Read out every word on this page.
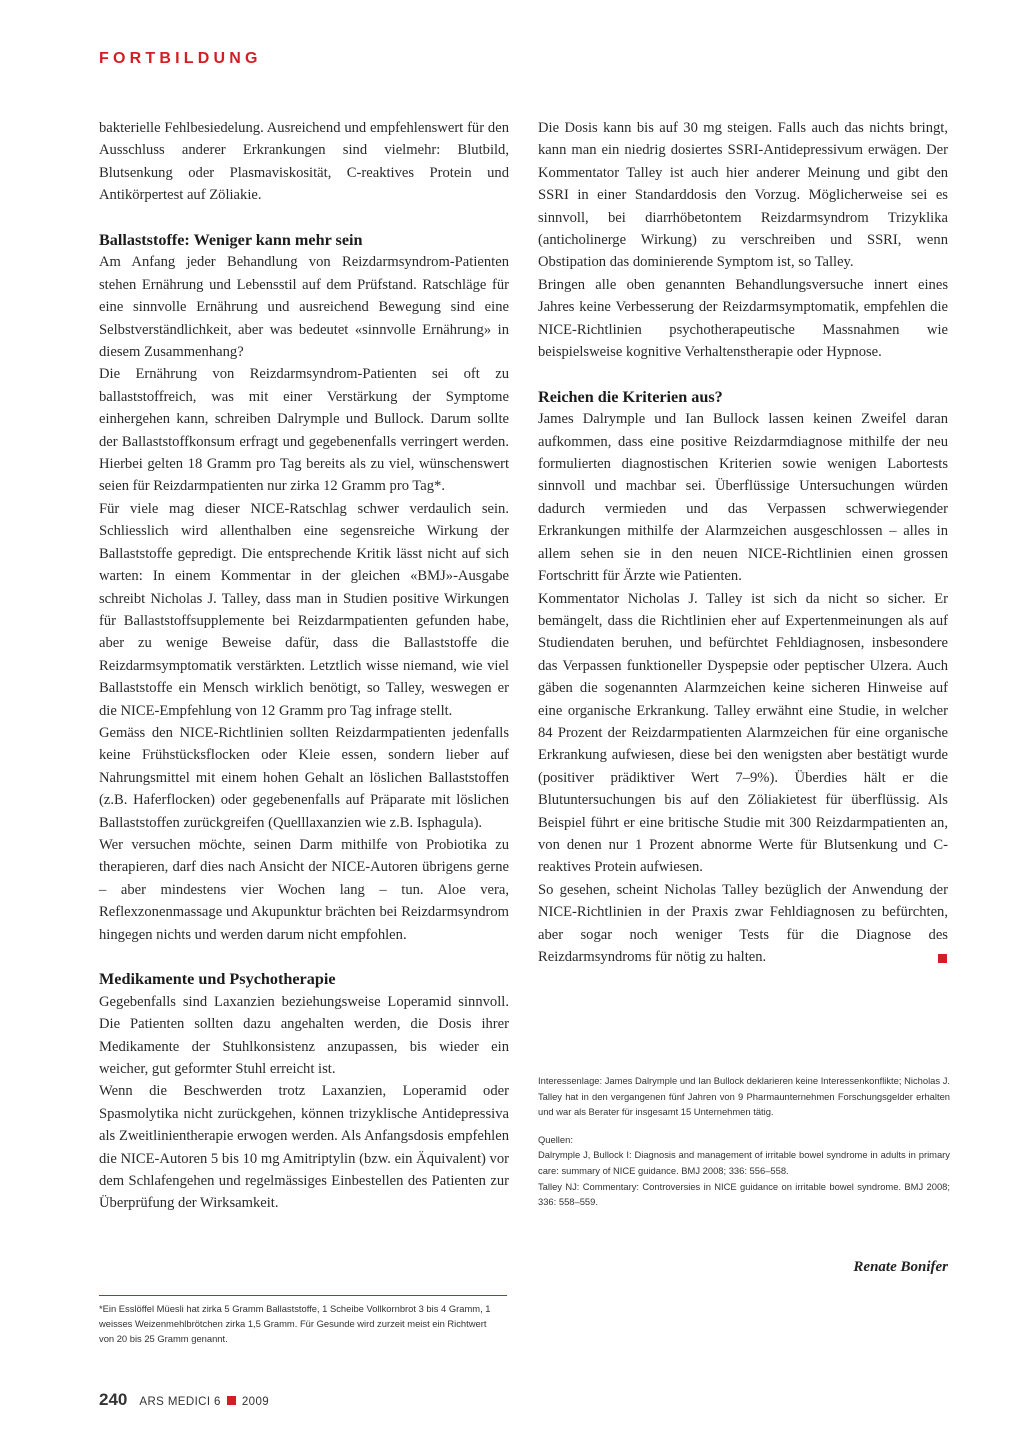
FORTBILDUNG

bakterielle Fehlbesiedelung. Ausreichend und empfehlenswert für den Ausschluss anderer Erkrankungen sind vielmehr: Blutbild, Blutsenkung oder Plasmaviskosität, C-reaktives Protein und Antikörpertest auf Zöliakie.

Ballaststoffe: Weniger kann mehr sein

Am Anfang jeder Behandlung von Reizdarmsyndrom-Patienten stehen Ernährung und Lebensstil auf dem Prüfstand. Ratschläge für eine sinnvolle Ernährung und ausreichend Bewegung sind eine Selbstverständlichkeit, aber was bedeutet «sinnvolle Ernährung» in diesem Zusammenhang?

Die Ernährung von Reizdarmsyndrom-Patienten sei oft zu ballaststoffreich, was mit einer Verstärkung der Symptome einhergehen kann, schreiben Dalrymple und Bullock. Darum sollte der Ballaststoffkonsum erfragt und gegebenenfalls verringert werden. Hierbei gelten 18 Gramm pro Tag bereits als zu viel, wünschenswert seien für Reizdarmpatienten nur zirka 12 Gramm pro Tag*.

Für viele mag dieser NICE-Ratschlag schwer verdaulich sein. Schliesslich wird allenthalben eine segensreiche Wirkung der Ballaststoffe gepredigt. Die entsprechende Kritik lässt nicht auf sich warten: In einem Kommentar in der gleichen «BMJ»-Ausgabe schreibt Nicholas J. Talley, dass man in Studien positive Wirkungen für Ballaststoffsupplemente bei Reizdarmpatienten gefunden habe, aber zu wenige Beweise dafür, dass die Ballaststoffe die Reizdarmsymptomatik verstärkten. Letztlich wisse niemand, wie viel Ballaststoffe ein Mensch wirklich benötigt, so Talley, weswegen er die NICE-Empfehlung von 12 Gramm pro Tag infrage stellt.

Gemäss den NICE-Richtlinien sollten Reizdarmpatienten jedenfalls keine Frühstücksflocken oder Kleie essen, sondern lieber auf Nahrungsmittel mit einem hohen Gehalt an löslichen Ballaststoffen (z.B. Haferflocken) oder gegebenenfalls auf Präparate mit löslichen Ballaststoffen zurückgreifen (Quelllaxanzien wie z.B. Isphagula).

Wer versuchen möchte, seinen Darm mithilfe von Probiotika zu therapieren, darf dies nach Ansicht der NICE-Autoren übrigens gerne – aber mindestens vier Wochen lang – tun. Aloe vera, Reflexzonenmassage und Akupunktur brächten bei Reizdarmsyndrom hingegen nichts und werden darum nicht empfohlen.

Medikamente und Psychotherapie

Gegebenfalls sind Laxanzien beziehungsweise Loperamid sinnvoll. Die Patienten sollten dazu angehalten werden, die Dosis ihrer Medikamente der Stuhlkonsistenz anzupassen, bis wieder ein weicher, gut geformter Stuhl erreicht ist.

Wenn die Beschwerden trotz Laxanzien, Loperamid oder Spasmolytika nicht zurückgehen, können trizyklische Antidepressiva als Zweitlinientherapie erwogen werden. Als Anfangsdosis empfehlen die NICE-Autoren 5 bis 10 mg Amitriptylin (bzw. ein Äquivalent) vor dem Schlafengehen und regelmässiges Einbestellen des Patienten zur Überprüfung der Wirksamkeit.

Die Dosis kann bis auf 30 mg steigen. Falls auch das nichts bringt, kann man ein niedrig dosiertes SSRI-Antidepressivum erwägen. Der Kommentator Talley ist auch hier anderer Meinung und gibt den SSRI in einer Standarddosis den Vorzug. Möglicherweise sei es sinnvoll, bei diarrhöbetontem Reizdarmsyndrom Trizyklika (anticholinerge Wirkung) zu verschreiben und SSRI, wenn Obstipation das dominierende Symptom ist, so Talley.

Bringen alle oben genannten Behandlungsversuche innert eines Jahres keine Verbesserung der Reizdarmsymptomatik, empfehlen die NICE-Richtlinien psychotherapeutische Massnahmen wie beispielsweise kognitive Verhaltenstherapie oder Hypnose.

Reichen die Kriterien aus?

James Dalrymple und Ian Bullock lassen keinen Zweifel daran aufkommen, dass eine positive Reizdarmdiagnose mithilfe der neu formulierten diagnostischen Kriterien sowie wenigen Labortests sinnvoll und machbar sei. Überflüssige Untersuchungen würden dadurch vermieden und das Verpassen schwerwiegender Erkrankungen mithilfe der Alarmzeichen ausgeschlossen – alles in allem sehen sie in den neuen NICE-Richtlinien einen grossen Fortschritt für Ärzte wie Patienten.

Kommentator Nicholas J. Talley ist sich da nicht so sicher. Er bemängelt, dass die Richtlinien eher auf Expertenmeinungen als auf Studiendaten beruhen, und befürchtet Fehldiagnosen, insbesondere das Verpassen funktioneller Dyspepsie oder peptischer Ulzera. Auch gäben die sogenannten Alarmzeichen keine sicheren Hinweise auf eine organische Erkrankung. Talley erwähnt eine Studie, in welcher 84 Prozent der Reizdarmpatienten Alarmzeichen für eine organische Erkrankung aufwiesen, diese bei den wenigsten aber bestätigt wurde (positiver prädiktiver Wert 7–9%). Überdies hält er die Blutuntersuchungen bis auf den Zöliakietest für überflüssig. Als Beispiel führt er eine britische Studie mit 300 Reizdarmpatienten an, von denen nur 1 Prozent abnorme Werte für Blutsenkung und C-reaktives Protein aufwiesen.

So gesehen, scheint Nicholas Talley bezüglich der Anwendung der NICE-Richtlinien in der Praxis zwar Fehldiagnosen zu befürchten, aber sogar noch weniger Tests für die Diagnose des Reizdarmsyndroms für nötig zu halten.

Interessenlage: James Dalrymple und Ian Bullock deklarieren keine Interessenkonflikte; Nicholas J. Talley hat in den vergangenen fünf Jahren von 9 Pharmaunternehmen Forschungsgelder erhalten und war als Berater für insgesamt 15 Unternehmen tätig.
Quellen:
Dalrymple J, Bullock I: Diagnosis and management of irritable bowel syndrome in adults in primary care: summary of NICE guidance. BMJ 2008; 336: 556–558.
Talley NJ: Commentary: Controversies in NICE guidance on irritable bowel syndrome. BMJ 2008; 336: 558–559.
Renate Bonifer
*Ein Esslöffel Müesli hat zirka 5 Gramm Ballaststoffe, 1 Scheibe Vollkornbrot 3 bis 4 Gramm, 1 weisses Weizenmehlbrötchen zirka 1,5 Gramm. Für Gesunde wird zurzeit meist ein Richtwert von 20 bis 25 Gramm genannt.
240 ARS MEDICI 6 2009
